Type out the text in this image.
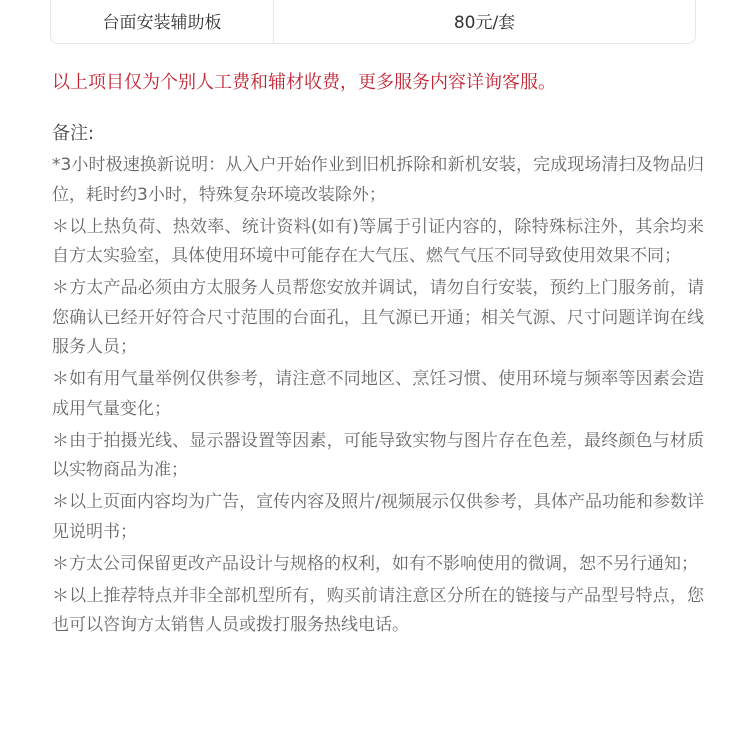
台面安装辅助板	80元/套

以上项目仅为个别人工费和辅材收费，更多服务内容详询客服。

备注:

*3小时极速换新说明：从入户开始作业到旧机拆除和新机安装，完成现场清扫及物品归位，耗时约3小时，特殊复杂环境改装除外；
＊以上热负荷、热效率、统计资料(如有)等属于引证内容的，除特殊标注外，其余均来自方太实验室，具体使用环境中可能存在大气压、燃气气压不同导致使用效果不同；
＊方太产品必须由方太服务人员帮您安放并调试，请勿自行安装，预约上门服务前，请您确认已经开好符合尺寸范围的台面孔，且气源已开通；相关气源、尺寸问题详询在线服务人员；
＊如有用气量举例仅供参考，请注意不同地区、烹饪习惯、使用环境与频率等因素会造成用气量变化；
＊由于拍摄光线、显示器设置等因素，可能导致实物与图片存在色差，最终颜色与材质以实物商品为准；
＊以上页面内容均为广告，宣传内容及照片/视频展示仅供参考，具体产品功能和参数详见说明书；
＊方太公司保留更改产品设计与规格的权利，如有不影响使用的微调，恕不另行通知；
＊以上推荐特点并非全部机型所有，购买前请注意区分所在的链接与产品型号特点，您也可以咨询方太销售人员或拨打服务热线电话。
